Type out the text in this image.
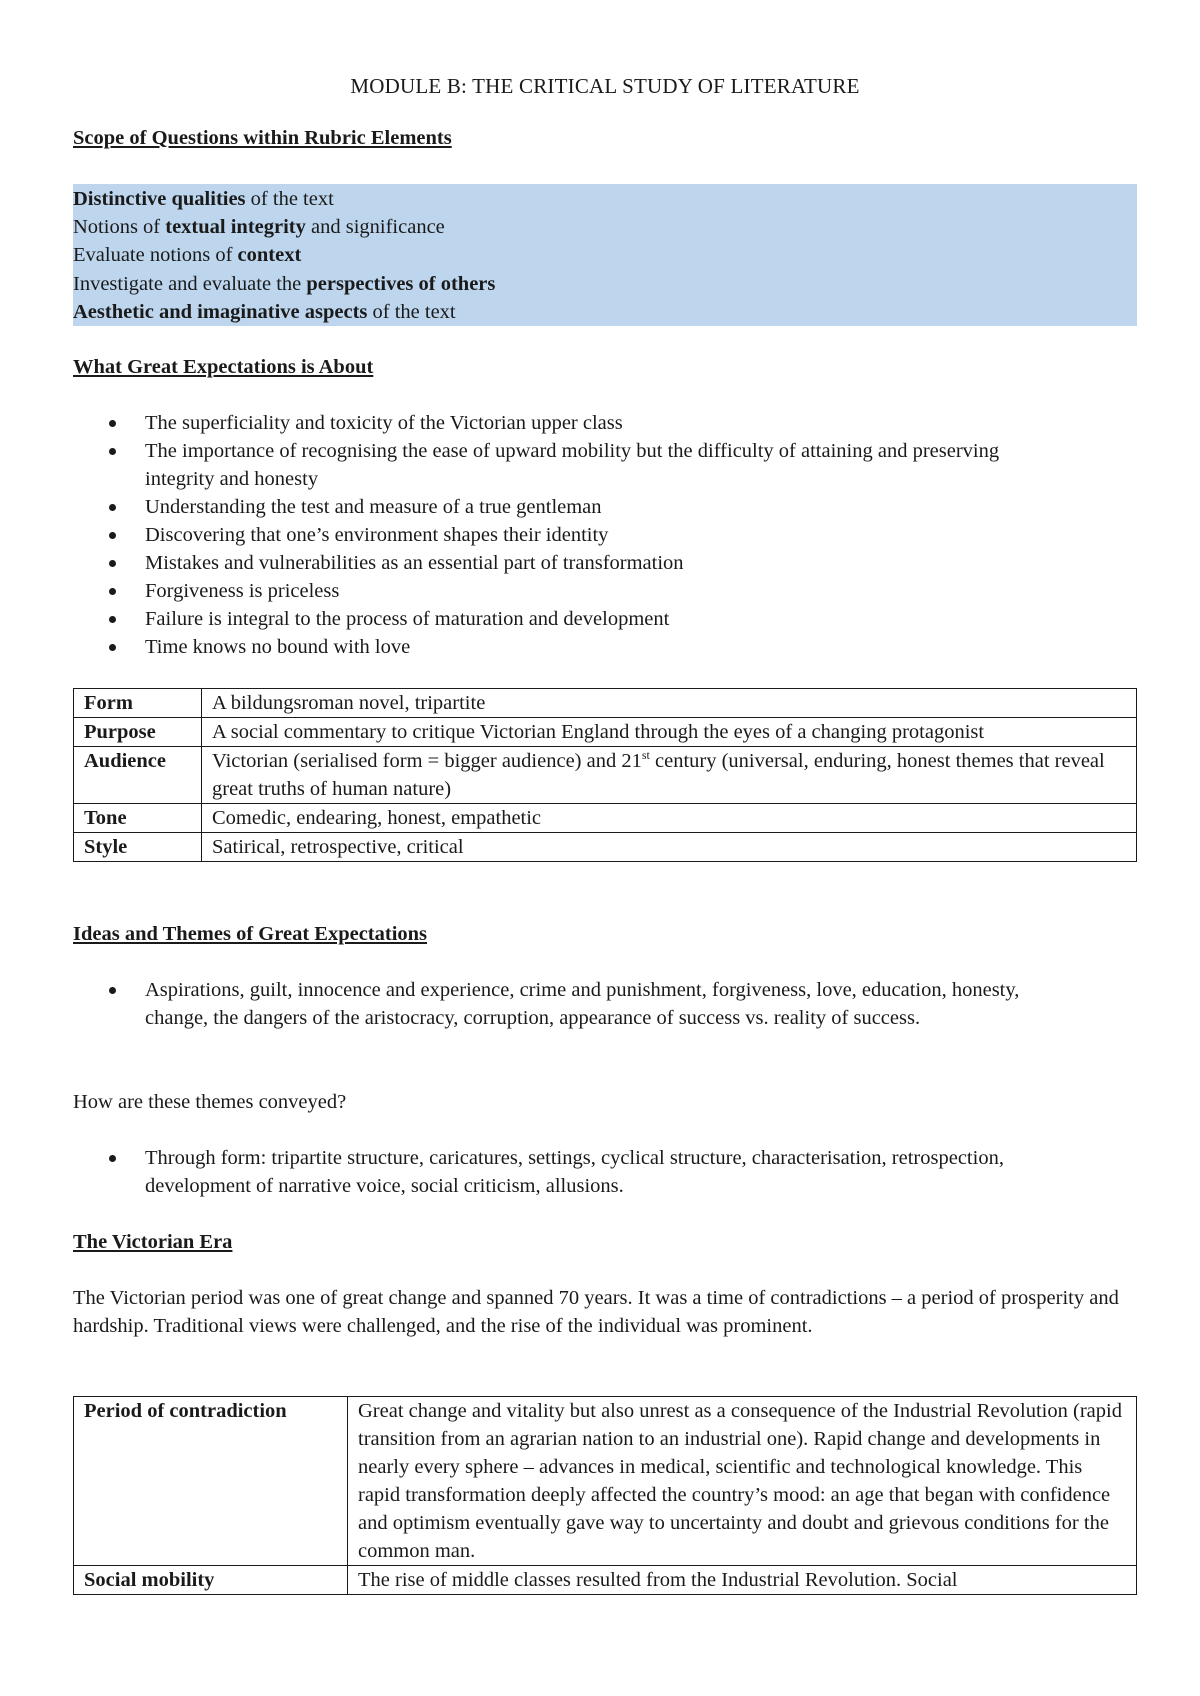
MODULE B: THE CRITICAL STUDY OF LITERATURE
Scope of Questions within Rubric Elements
Distinctive qualities of the text
Notions of textual integrity and significance
Evaluate notions of context
Investigate and evaluate the perspectives of others
Aesthetic and imaginative aspects of the text
What Great Expectations is About
The superficiality and toxicity of the Victorian upper class
The importance of recognising the ease of upward mobility but the difficulty of attaining and preserving integrity and honesty
Understanding the test and measure of a true gentleman
Discovering that one’s environment shapes their identity
Mistakes and vulnerabilities as an essential part of transformation
Forgiveness is priceless
Failure is integral to the process of maturation and development
Time knows no bound with love
Form	A bildungsroman novel, tripartite
Purpose	A social commentary to critique Victorian England through the eyes of a changing protagonist
Audience	Victorian (serialised form = bigger audience) and 21st century (universal, enduring, honest themes that reveal great truths of human nature)
Tone	Comedic, endearing, honest, empathetic
Style	Satirical, retrospective, critical
Ideas and Themes of Great Expectations
Aspirations, guilt, innocence and experience, crime and punishment, forgiveness, love, education, honesty, change, the dangers of the aristocracy, corruption, appearance of success vs. reality of success.
How are these themes conveyed?
Through form: tripartite structure, caricatures, settings, cyclical structure, characterisation, retrospection, development of narrative voice, social criticism, allusions.
The Victorian Era
The Victorian period was one of great change and spanned 70 years. It was a time of contradictions – a period of prosperity and hardship. Traditional views were challenged, and the rise of the individual was prominent.
Period of contradiction	Great change and vitality but also unrest as a consequence of the Industrial Revolution (rapid transition from an agrarian nation to an industrial one). Rapid change and developments in nearly every sphere – advances in medical, scientific and technological knowledge. This rapid transformation deeply affected the country’s mood: an age that began with confidence and optimism eventually gave way to uncertainty and doubt and grievous conditions for the common man.
Social mobility	The rise of middle classes resulted from the Industrial Revolution. Social
